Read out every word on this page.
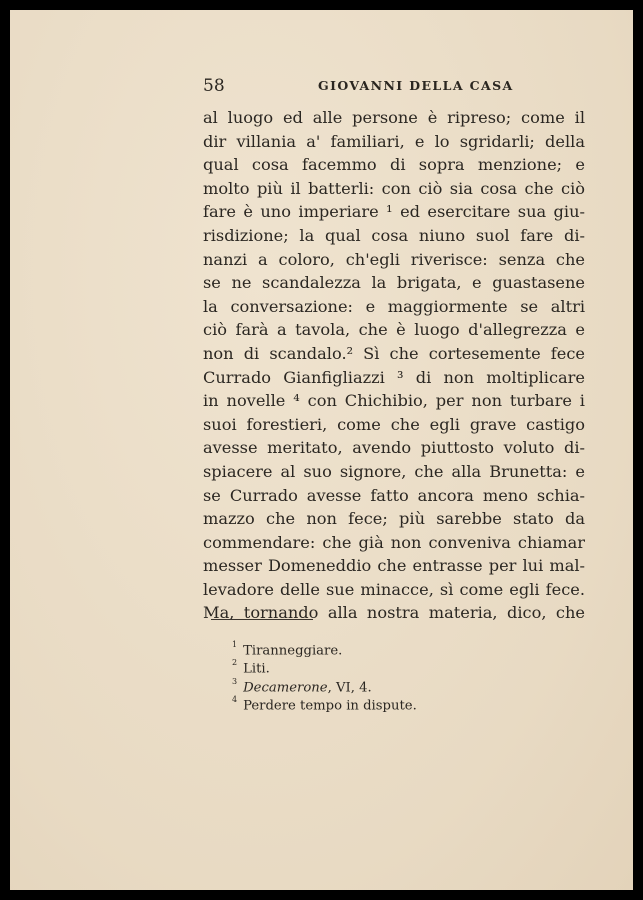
58	GIOVANNI DELLA CASA
al luogo ed alle persone è ripreso; come il
dir villania a' familiari, e lo sgridarli; della
qual cosa facemmo di sopra menzione; e
molto più il batterli: con ciò sia cosa che ciò
fare è uno imperiare ¹ ed esercitare sua giu-
risdizione; la qual cosa niuno suol fare di-
nanzi a coloro, ch'egli riverisce: senza che
se ne scandalezza la brigata, e guastasene
la conversazione: e maggiormente se altri
ciò farà a tavola, che è luogo d'allegrezza e
non di scandalo.² Sì che cortesemente fece
Currado Gianfigliazzi ³ di non moltiplicare
in novelle ⁴ con Chichibio, per non turbare i
suoi forestieri, come che egli grave castigo
avesse meritato, avendo piuttosto voluto di-
spiacere al suo signore, che alla Brunetta: e
se Currado avesse fatto ancora meno schia-
mazzo che non fece; più sarebbe stato da
commendare: che già non conveniva chiamar
messer Domeneddio che entrasse per lui mal-
levadore delle sue minacce, sì come egli fece.
Ma, tornando alla nostra materia, dico, che
$^1$ Tiranneggiare.
$^2$ Liti.
$^3$ Decamerone, VI, 4.
$^4$ Perdere tempo in dispute.
